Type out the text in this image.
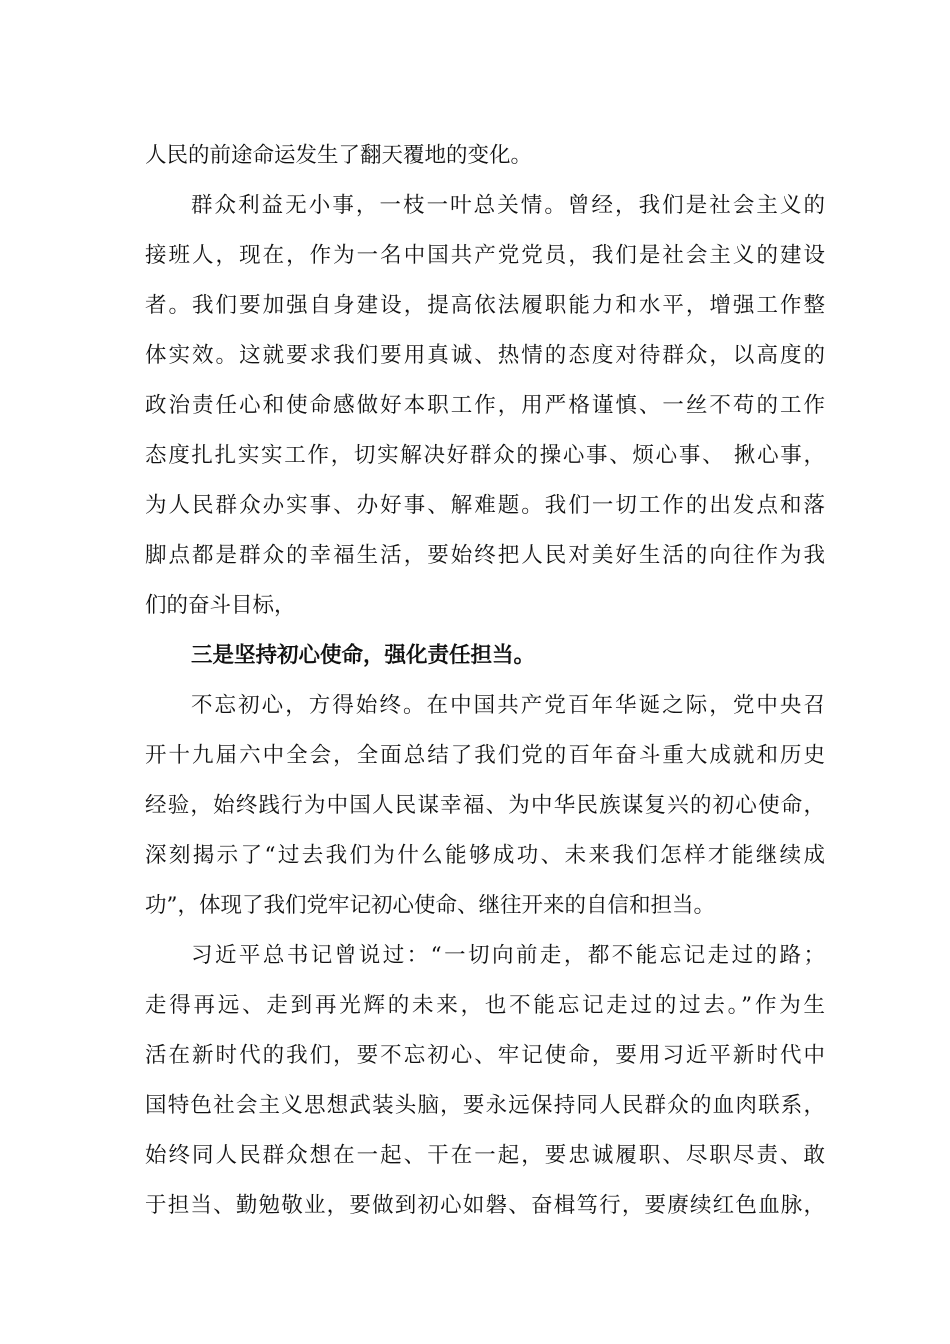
人民的前途命运发生了翻天覆地的变化。
群众利益无小事，一枝一叶总关情。曾经，我们是社会主义的
接班人，现在，作为一名中国共产党党员，我们是社会主义的建设
者。我们要加强自身建设，提高依法履职能力和水平，增强工作整
体实效。这就要求我们要用真诚、热情的态度对待群众，以高度的
政治责任心和使命感做好本职工作，用严格谨慎、一丝不苟的工作
态度扎扎实实工作，切实解决好群众的操心事、烦心事、 揪心事，
为人民群众办实事、办好事、解难题。我们一切工作的出发点和落
脚点都是群众的幸福生活，要始终把人民对美好生活的向往作为我
们的奋斗目标，
三是坚持初心使命，强化责任担当。
不忘初心，方得始终。在中国共产党百年华诞之际，党中央召
开十九届六中全会，全面总结了我们党的百年奋斗重大成就和历史
经验，始终践行为中国人民谋幸福、为中华民族谋复兴的初心使命，
深刻揭示了“过去我们为什么能够成功、未来我们怎样才能继续成
功”，体现了我们党牢记初心使命、继往开来的自信和担当。
习近平总书记曾说过：“一切向前走，都不能忘记走过的路；
走得再远、走到再光辉的未来，也不能忘记走过的过去。”作为生
活在新时代的我们，要不忘初心、牢记使命，要用习近平新时代中
国特色社会主义思想武装头脑，要永远保持同人民群众的血肉联系，
始终同人民群众想在一起、干在一起，要忠诚履职、尽职尽责、敢
于担当、勤勉敬业，要做到初心如磐、奋楫笃行，要赓续红色血脉，
